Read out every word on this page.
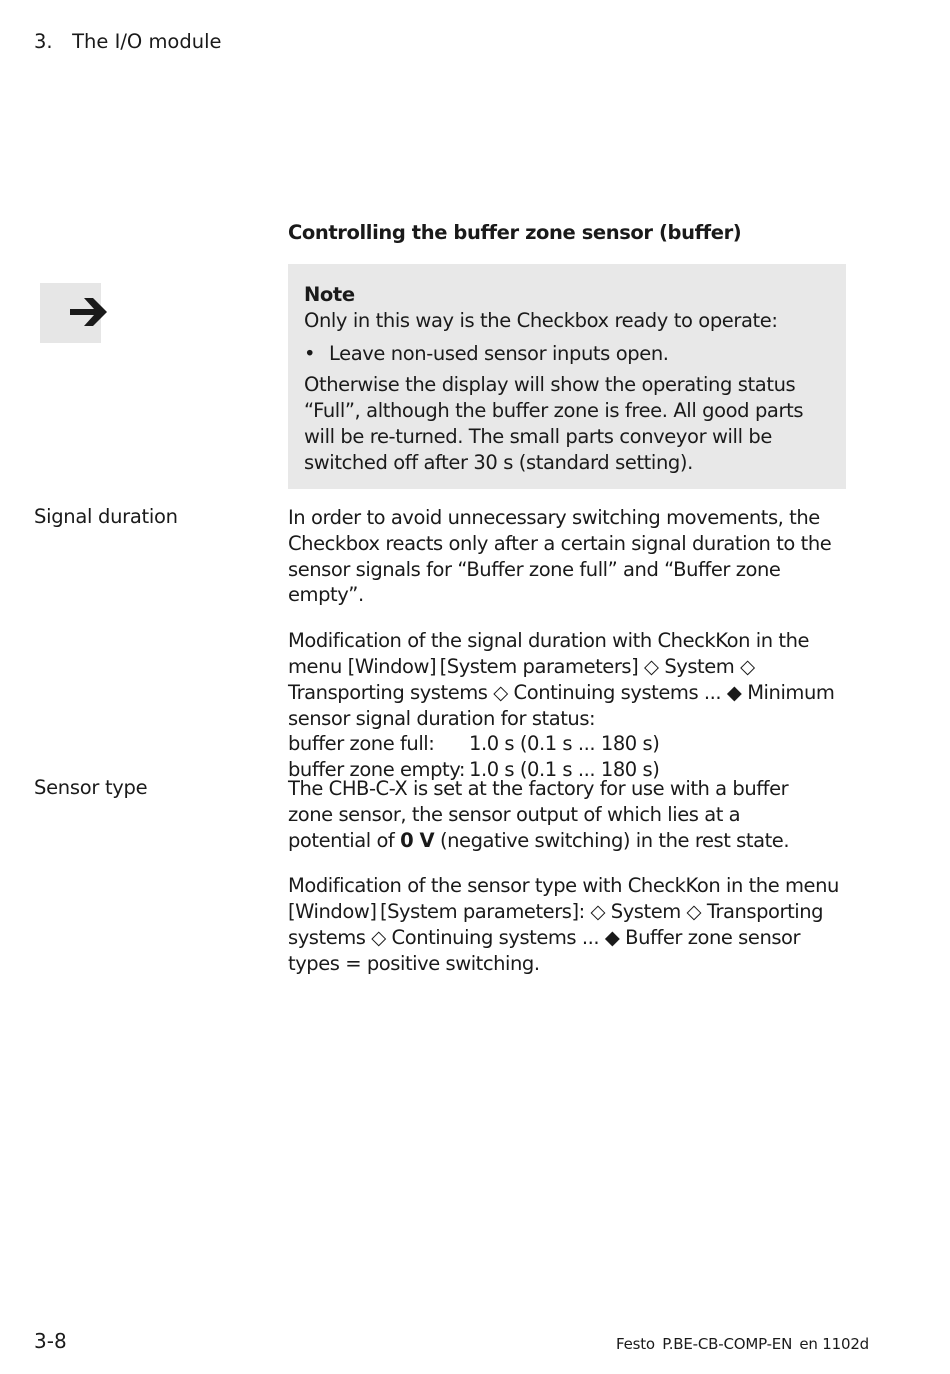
3. The I/O module
Controlling the buffer zone sensor (buffer)
Note
Only in this way is the Checkbox ready to operate:
• Leave non-used sensor inputs open.
Otherwise the display will show the operating status “Full”, although the buffer zone is free. All good parts will be re-turned. The small parts conveyor will be switched off after 30 s (standard setting).
Signal duration	In order to avoid unnecessary switching movements, the Checkbox reacts only after a certain signal duration to the sensor signals for “Buffer zone full” and “Buffer zone empty”.

Modification of the signal duration with CheckKon in the menu [Window] [System parameters] ◇ System ◇ Transporting systems ◇ Continuing systems ... ◆ Minimum sensor signal duration for status:

buffer zone full: 1.0 s (0.1 s ... 180 s)
buffer zone empty: 1.0 s (0.1 s ... 180 s)
Sensor type	The CHB-C-X is set at the factory for use with a buffer zone sensor, the sensor output of which lies at a potential of 0 V (negative switching) in the rest state.

Modification of the sensor type with CheckKon in the menu [Window] [System parameters]: ◇ System ◇ Transporting systems ◇ Continuing systems ... ◆ Buffer zone sensor types = positive switching.

3-8	Festo P.BE-CB-COMP-EN en 1102d
